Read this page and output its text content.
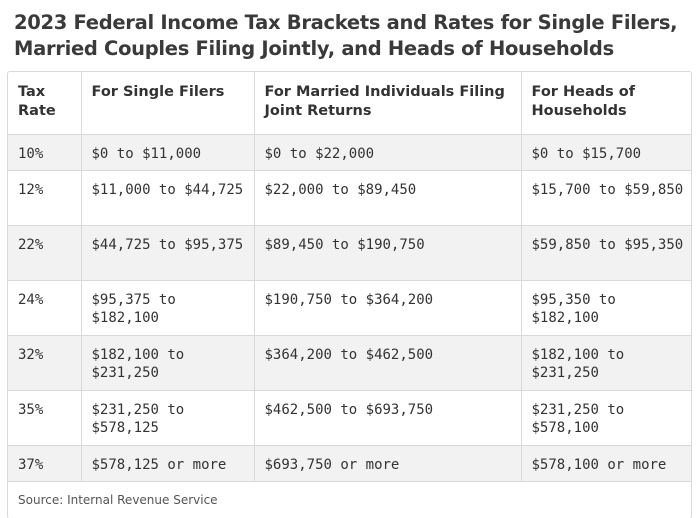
2023 Federal Income Tax Brackets and Rates for Single Filers, Married Couples Filing Jointly, and Heads of Households
Tax Rate	For Single Filers	For Married Individuals Filing Joint Returns	For Heads of Households
10%	$0 to $11,000	$0 to $22,000	$0 to $15,700
12%	$11,000 to $44,725	$22,000 to $89,450	$15,700 to $59,850
22%	$44,725 to $95,375	$89,450 to $190,750	$59,850 to $95,350
24%	$95,375 to $182,100	$190,750 to $364,200	$95,350 to $182,100
32%	$182,100 to $231,250	$364,200 to $462,500	$182,100 to $231,250
35%	$231,250 to $578,125	$462,500 to $693,750	$231,250 to $578,100
37%	$578,125 or more	$693,750 or more	$578,100 or more
Source: Internal Revenue Service
